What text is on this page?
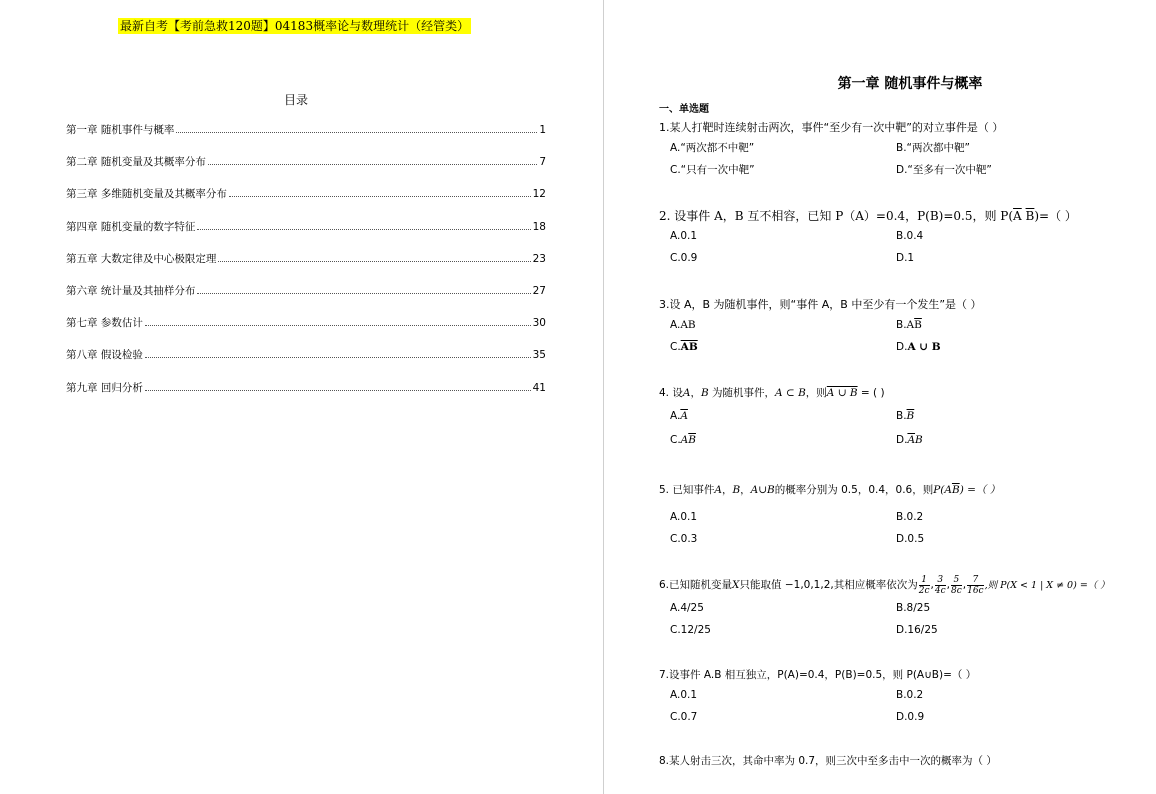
最新自考【考前急救120题】04183概率论与数理统计（经管类）
目录
第一章 随机事件与概率	1
第二章 随机变量及其概率分布	7
第三章 多维随机变量及其概率分布	12
第四章 随机变量的数字特征	18
第五章 大数定律及中心极限定理	23
第六章 统计量及其抽样分布	27
第七章 参数估计	30
第八章 假设检验	35
第九章 回归分析	41
第一章 随机事件与概率
一、单选题
1.某人打靶时连续射击两次，事件“至少有一次中靶”的对立事件是（ ）
A.“两次都不中靶”	B.“两次都中靶”
C.“只有一次中靶”	D.“至多有一次中靶”
2. 设事件 A，B 互不相容，已知 P（A）=0.4，P(B)=0.5，则 $P(\overline{A}$ $\overline{B})=$（ ）
A.0.1	B.0.4
C.0.9	D.1
3.设 A，B 为随机事件，则“事件 A，B 中至少有一个发生”是（ ）
A.AB	$B.A\overline{B}$
$C.\overline{AB}$	D.A ∪ B
4. 设A，B 为随机事件，A ⊂ B，则A ∪ B = ( )
$A.\overline{A}$	$B.\overline{B}$
$C.A\overline{B}$	$D.\overline{A}B$
5. 已知事件A，B，A∪B的概率分别为 0.5，0.4，0.6，则$P(A\overline{B})$ =（ ）
A.0.1	B.0.2
C.0.3	D.0.5
6.已知随机变量X只能取值 −1,0,1,2,其相应概率依次为 $\frac{1}{2c}$ , $\frac{3}{4c}$ , $\frac{5}{8c}$ , $\frac{7}{16c}$ ,则 P(X < 1 | X ≠ 0) =（ ）
A.4/25	B.8/25
C.12/25	D.16/25
7.设事件 A.B 相互独立，P(A)=0.4，P(B)=0.5，则 P(A∪B)=（ ）
A.0.1	B.0.2
C.0.7	D.0.9
8.某人射击三次，其命中率为 0.7，则三次中至多击中一次的概率为（ ）
